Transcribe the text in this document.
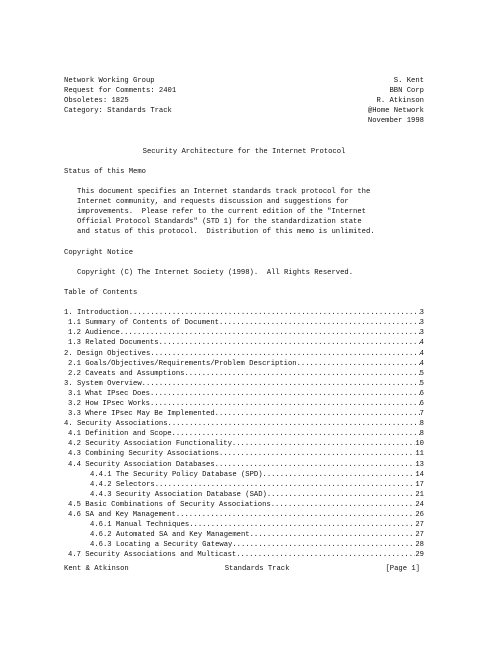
Network Working Group	S. Kent
Request for Comments: 2401	BBN Corp
Obsoletes: 1825	R. Atkinson
Category: Standards Track	@Home Network
November 1998
Security Architecture for the Internet Protocol
Status of this Memo
This document specifies an Internet standards track protocol for the
Internet community, and requests discussion and suggestions for
improvements.  Please refer to the current edition of the "Internet
Official Protocol Standards" (STD 1) for the standardization state
and status of this protocol.  Distribution of this memo is unlimited.
Copyright Notice
Copyright (C) The Internet Society (1998).  All Rights Reserved.
Table of Contents
1. Introduction .....	3
1.1 Summary of Contents of Document .....	3
1.2 Audience .....	3
1.3 Related Documents .....	4
2. Design Objectives .....	4
2.1 Goals/Objectives/Requirements/Problem Description .....	4
2.2 Caveats and Assumptions .....	5
3. System Overview .....	5
3.1 What IPsec Does .....	6
3.2 How IPsec Works .....	6
3.3 Where IPsec May Be Implemented .....	7
4. Security Associations .....	8
4.1 Definition and Scope .....	8
4.2 Security Association Functionality .....	10
4.3 Combining Security Associations .....	11
4.4 Security Association Databases .....	13
4.4.1 The Security Policy Database (SPD) .....	14
4.4.2 Selectors .....	17
4.4.3 Security Association Database (SAD) .....	21
4.5 Basic Combinations of Security Associations .....	24
4.6 SA and Key Management .....	26
4.6.1 Manual Techniques .....	27
4.6.2 Automated SA and Key Management .....	27
4.6.3 Locating a Security Gateway .....	28
4.7 Security Associations and Multicast .....	29
Kent & Atkinson	Standards Track	[Page 1]
